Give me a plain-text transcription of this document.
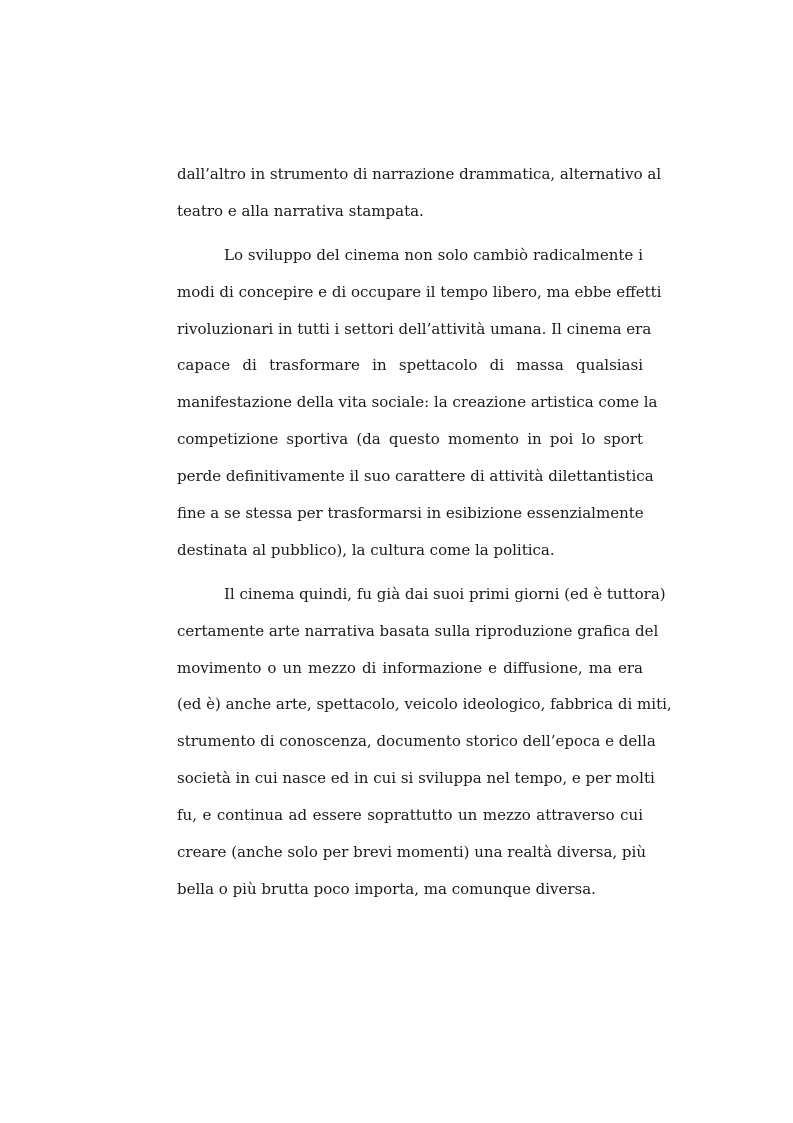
dall’altro in strumento di narrazione drammatica, alternativo al
teatro e alla narrativa stampata.
Lo sviluppo del cinema non solo cambiò radicalmente i
modi di concepire e di occupare il tempo libero, ma ebbe effetti
rivoluzionari in tutti i settori dell’attività umana. Il cinema era
capace di trasformare in spettacolo di massa qualsiasi
manifestazione della vita sociale: la creazione artistica come la
competizione sportiva (da questo momento in poi lo sport
perde definitivamente il suo carattere di attività dilettantistica
fine a se stessa per trasformarsi in esibizione essenzialmente
destinata al pubblico), la cultura come la politica.
Il cinema quindi, fu già dai suoi primi giorni (ed è tuttora)
certamente arte narrativa basata sulla riproduzione grafica del
movimento o un mezzo di informazione e diffusione, ma era
(ed è) anche arte, spettacolo, veicolo ideologico, fabbrica di miti,
strumento di conoscenza, documento storico dell’epoca e della
società in cui nasce ed in cui si sviluppa nel tempo, e per molti
fu, e continua ad essere soprattutto un mezzo attraverso cui
creare (anche solo per brevi momenti) una realtà diversa, più
bella o più brutta poco importa, ma comunque diversa.
